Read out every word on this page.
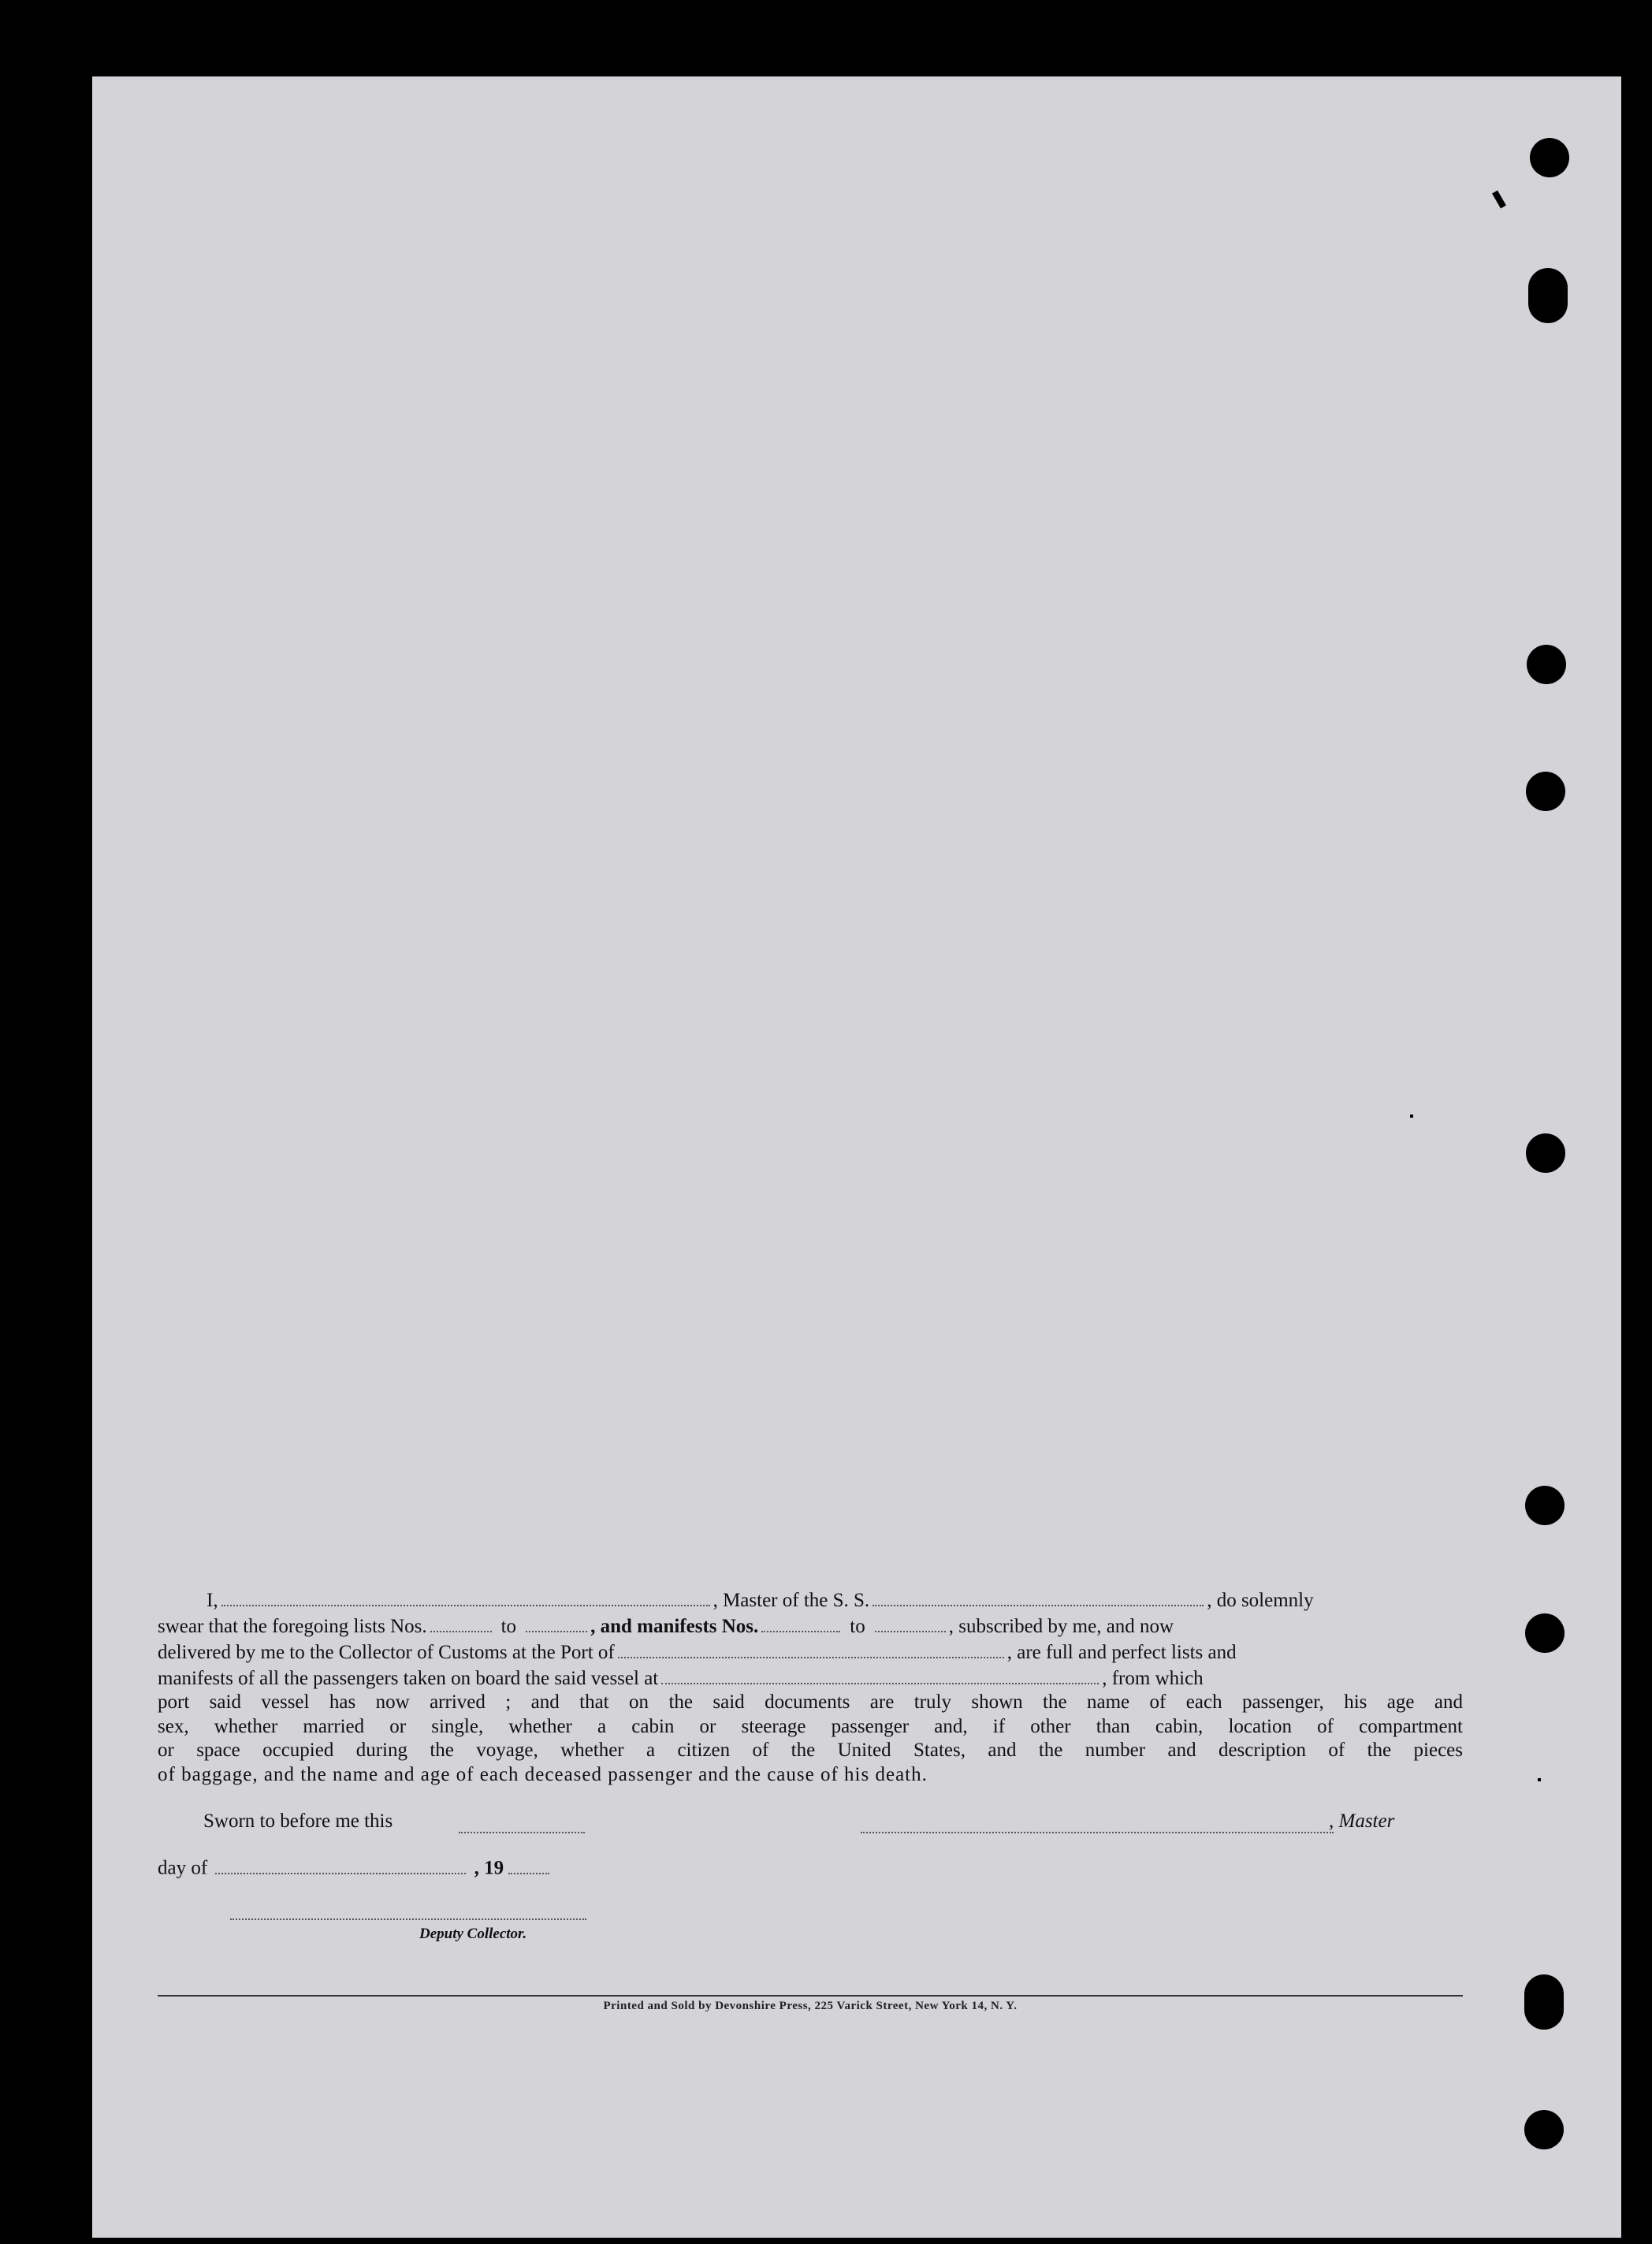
I,	, Master of the S. S.	, do solemnly
swear that the foregoing lists Nos.	to	, and manifests Nos.	to	, subscribed by me, and now
delivered by me to the Collector of Customs at the Port of	, are full and perfect lists and
manifests of all the passengers taken on board the said vessel at	, from which
port said vessel has now arrived ; and that on the said documents are truly shown the name of each passenger, his age and
sex, whether married or single, whether a cabin or steerage passenger and, if other than cabin, location of compartment
or space occupied during the voyage, whether a citizen of the United States, and the number and description of the pieces
of baggage, and the name and age of each deceased passenger and the cause of his death.
Sworn to before me this	, Master
day of	, 19
Deputy Collector.
Printed and Sold by Devonshire Press, 225 Varick Street, New York 14, N. Y.
